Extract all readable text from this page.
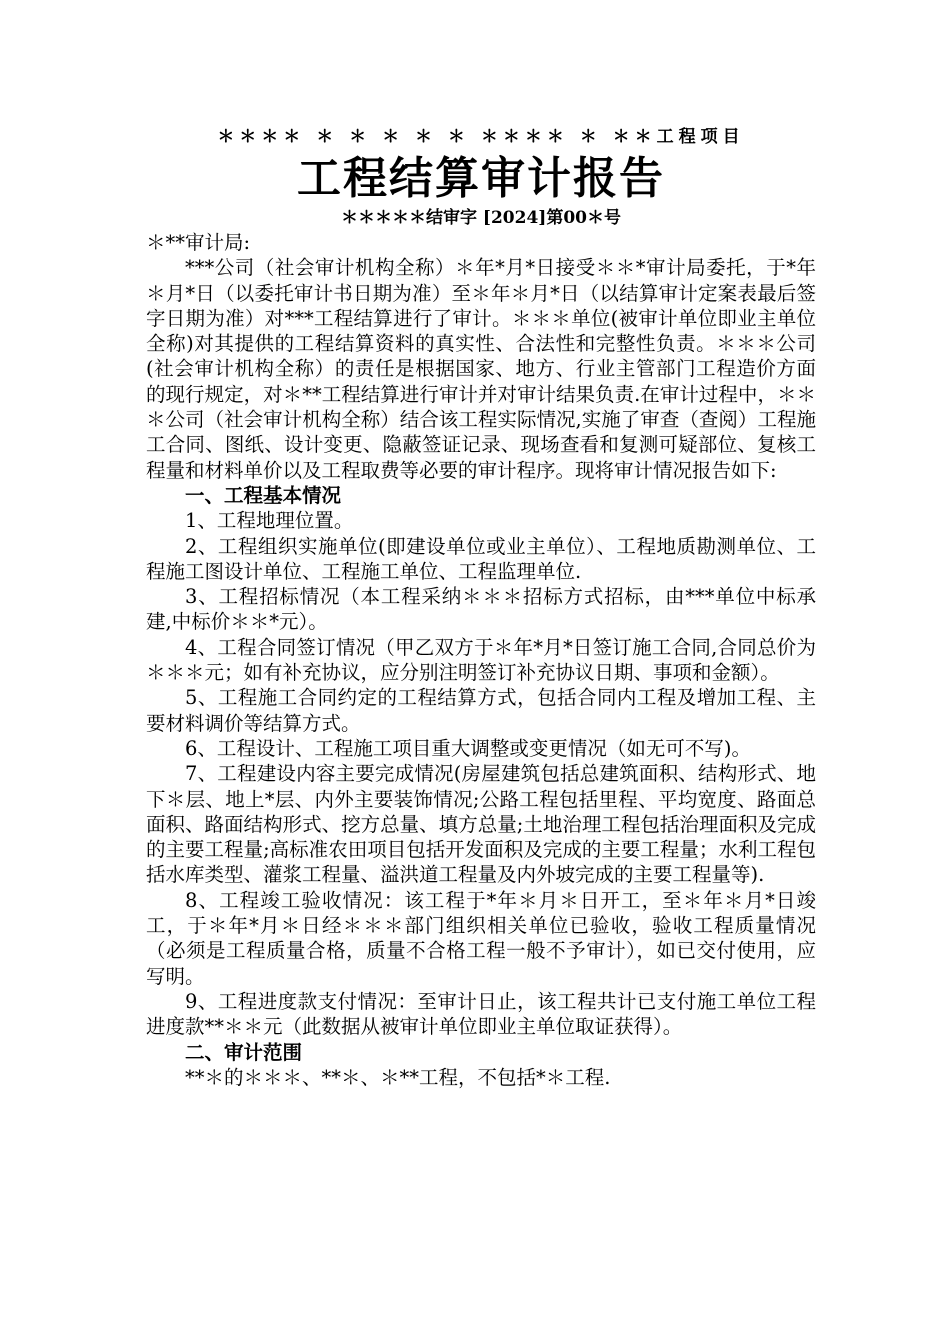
＊＊＊＊ ＊ ＊ ＊ ＊ ＊ ＊＊＊＊ ＊ ＊＊工程项目
工程结算审计报告
＊＊＊＊＊结审字 [2024]第00＊号

＊**审计局:

***公司（社会审计机构全称）＊年*月*日接受＊＊*审计局委托，于*年＊月*日（以委托审计书日期为准）至＊年＊月*日（以结算审计定案表最后签字日期为准）对***工程结算进行了审计。＊＊＊单位(被审计单位即业主单位全称)对其提供的工程结算资料的真实性、合法性和完整性负责。＊＊＊公司(社会审计机构全称）的责任是根据国家、地方、行业主管部门工程造价方面的现行规定，对＊**工程结算进行审计并对审计结果负责.在审计过程中，＊＊＊公司（社会审计机构全称）结合该工程实际情况,实施了审查（查阅）工程施工合同、图纸、设计变更、隐蔽签证记录、现场查看和复测可疑部位、复核工程量和材料单价以及工程取费等必要的审计程序。现将审计情况报告如下:

一、工程基本情况

1、工程地理位置。

2、工程组织实施单位(即建设单位或业主单位）、工程地质勘测单位、工程施工图设计单位、工程施工单位、工程监理单位.

3、工程招标情况（本工程采纳＊＊＊招标方式招标，由***单位中标承建,中标价＊＊*元）。

4、工程合同签订情况（甲乙双方于＊年*月*日签订施工合同,合同总价为＊＊＊元；如有补充协议，应分别注明签订补充协议日期、事项和金额）。

5、工程施工合同约定的工程结算方式，包括合同内工程及增加工程、主要材料调价等结算方式。

6、工程设计、工程施工项目重大调整或变更情况（如无可不写)。

7、工程建设内容主要完成情况(房屋建筑包括总建筑面积、结构形式、地下＊层、地上*层、内外主要装饰情况;公路工程包括里程、平均宽度、路面总面积、路面结构形式、挖方总量、填方总量;土地治理工程包括治理面积及完成的主要工程量;高标准农田项目包括开发面积及完成的主要工程量；水利工程包括水库类型、灌浆工程量、溢洪道工程量及内外坡完成的主要工程量等).

8、工程竣工验收情况：该工程于*年＊月＊日开工，至＊年＊月*日竣工，于＊年*月＊日经＊＊＊部门组织相关单位已验收，验收工程质量情况（必须是工程质量合格，质量不合格工程一般不予审计），如已交付使用，应写明。

9、工程进度款支付情况：至审计日止，该工程共计已支付施工单位工程进度款**＊＊元（此数据从被审计单位即业主单位取证获得）。

二、审计范围

**＊的＊＊＊、**＊、＊**工程，不包括*＊工程.
